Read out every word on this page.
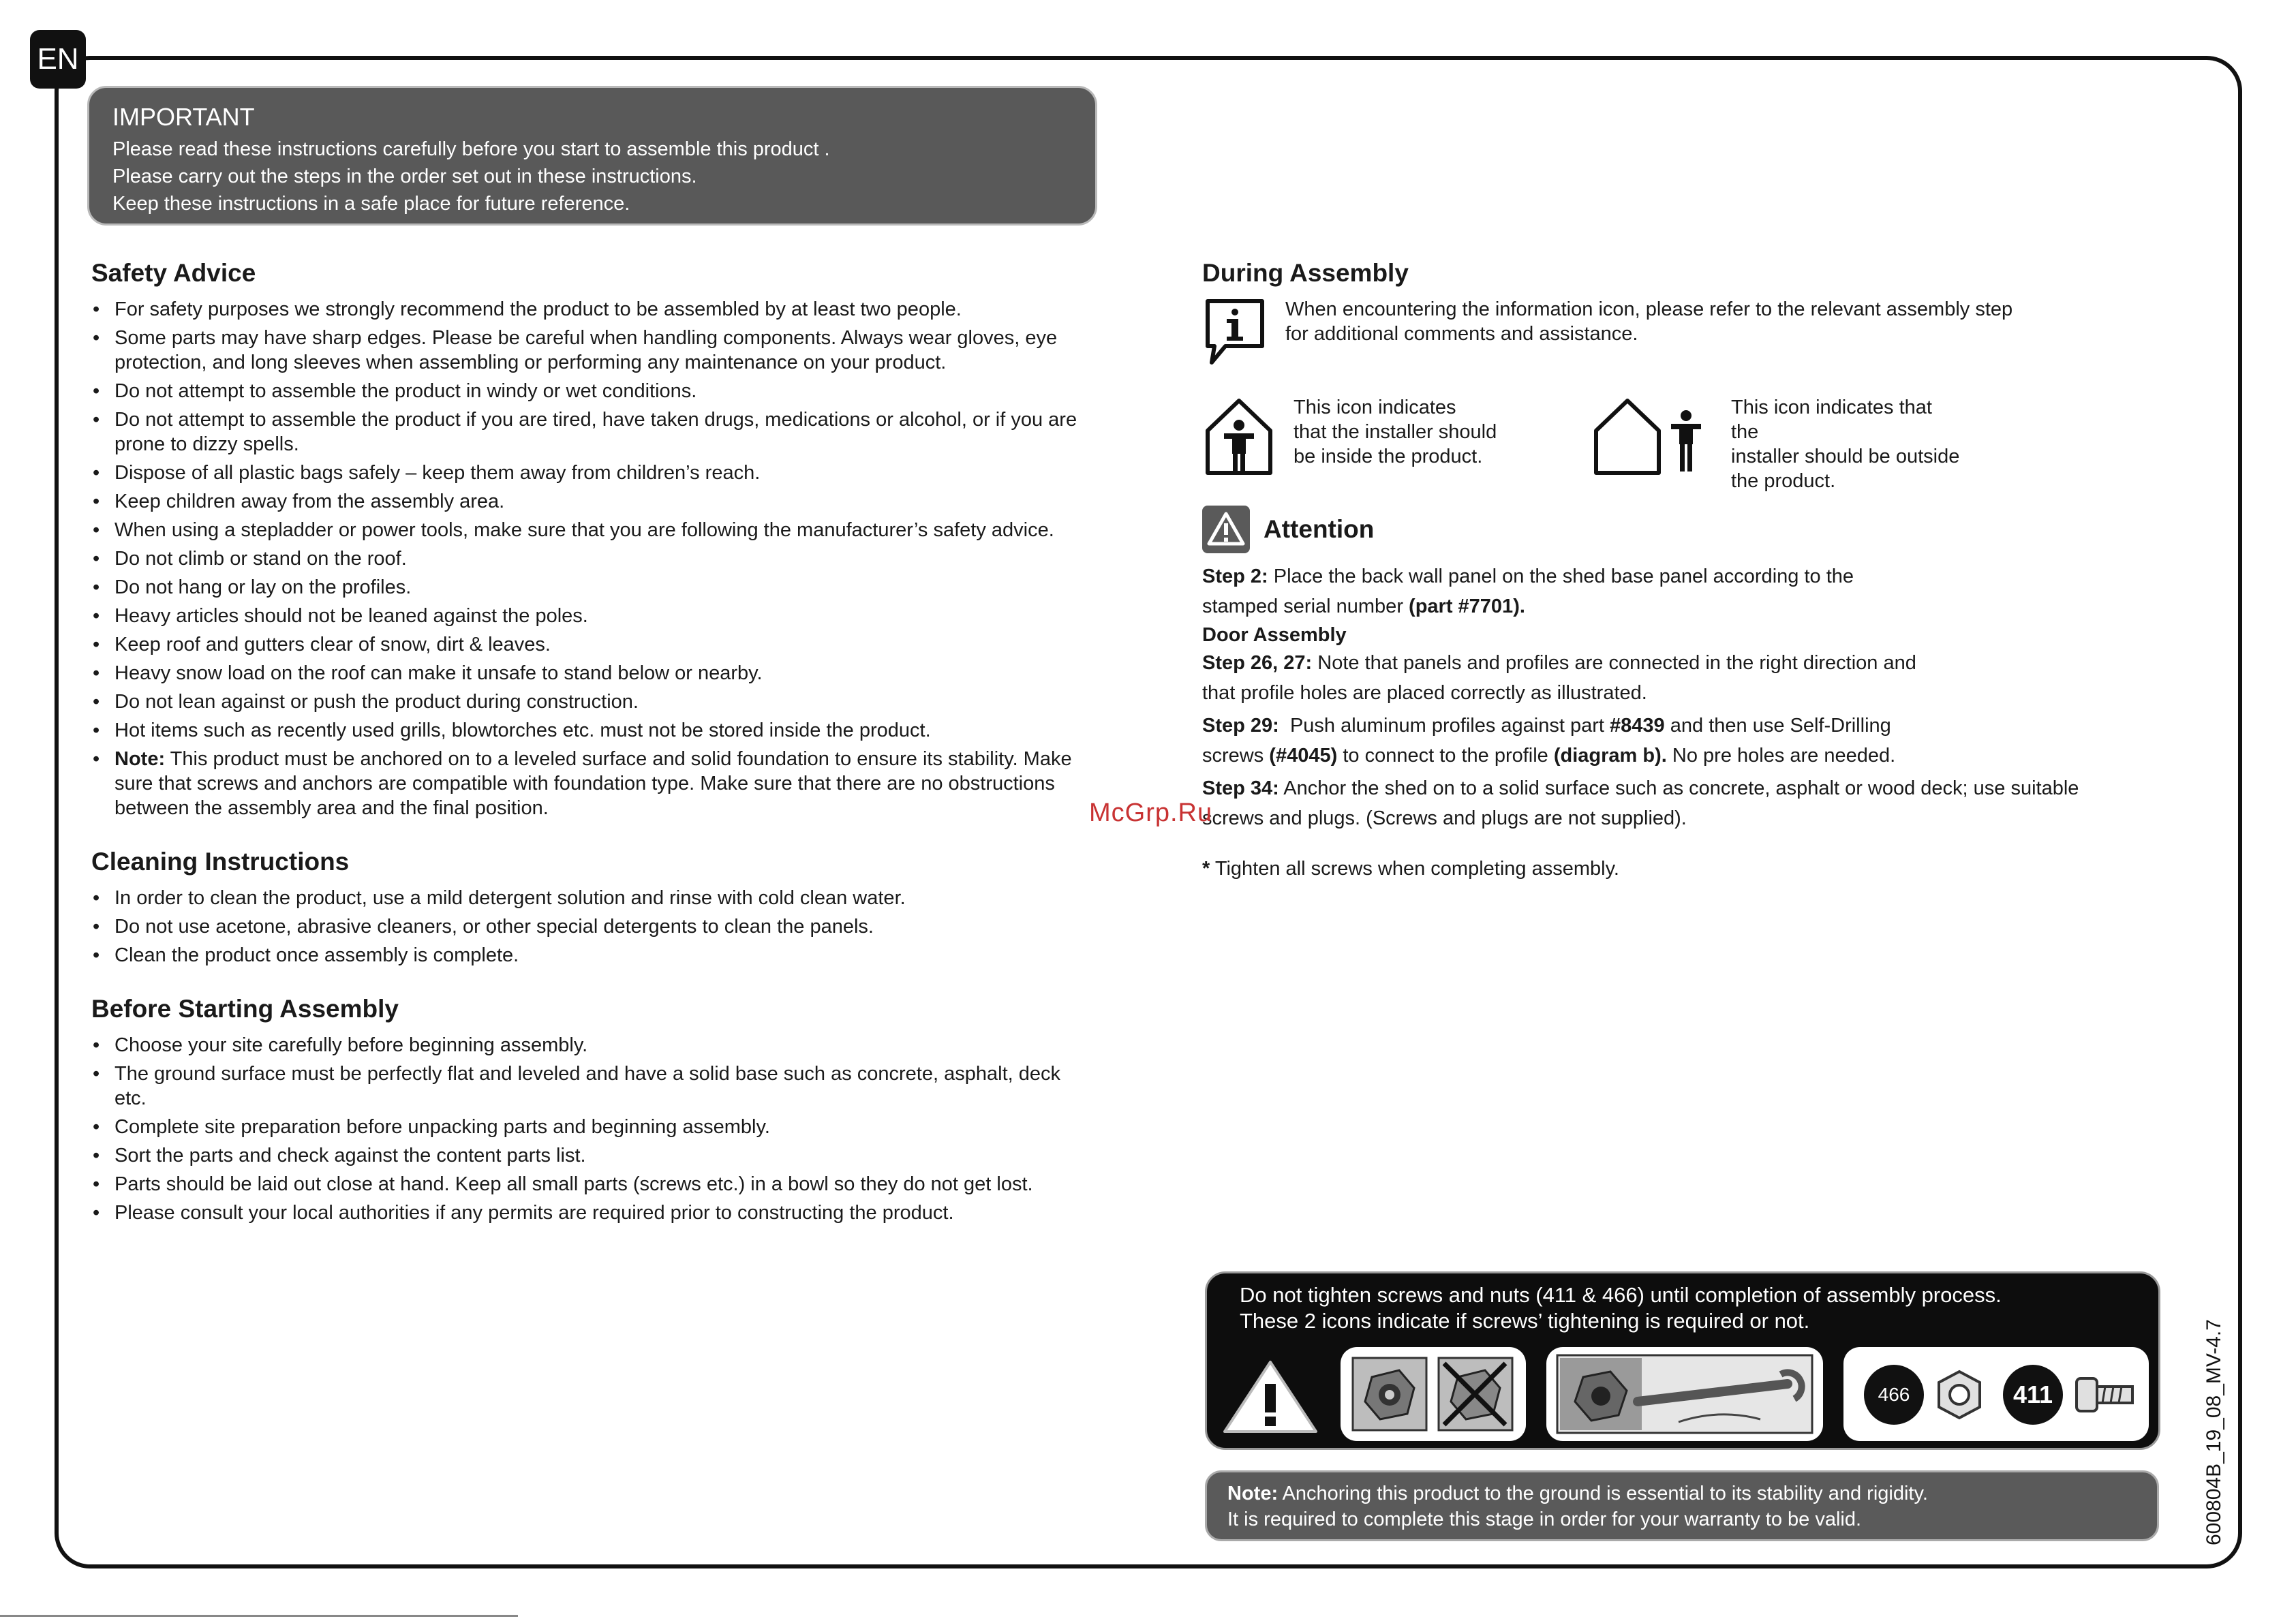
EN
IMPORTANT
Please read these instructions carefully before you start to assemble this product .
Please carry out the steps in the order set out in these instructions.
Keep these instructions in a safe place for future reference.
Safety Advice
• For safety purposes we strongly recommend the product to be assembled by at least two people.
• Some parts may have sharp edges. Please be careful when handling components. Always wear gloves, eye protection, and long sleeves when assembling or performing any maintenance on your product.
• Do not attempt to assemble the product in windy or wet conditions.
• Do not attempt to assemble the product if you are tired, have taken drugs, medications or alcohol, or if you are prone to dizzy spells.
• Dispose of all plastic bags safely – keep them away from children’s reach.
• Keep children away from the assembly area.
• When using a stepladder or power tools, make sure that you are following the manufacturer’s safety advice.
• Do not climb or stand on the roof.
• Do not hang or lay on the profiles.
• Heavy articles should not be leaned against the poles.
• Keep roof and gutters clear of snow, dirt & leaves.
• Heavy snow load on the roof can make it unsafe to stand below or nearby.
• Do not lean against or push the product during construction.
• Hot items such as recently used grills, blowtorches etc. must not be stored inside the product.
• Note: This product must be anchored on to a leveled surface and solid foundation to ensure its stability. Make sure that screws and anchors are compatible with foundation type. Make sure that there are no obstructions between the assembly area and the final position.
Cleaning Instructions
• In order to clean the product, use a mild detergent solution and rinse with cold clean water.
• Do not use acetone, abrasive cleaners, or other special detergents to clean the panels.
• Clean the product once assembly is complete.
Before Starting Assembly
• Choose your site carefully before beginning assembly.
• The ground surface must be perfectly flat and leveled and have a solid base such as concrete, asphalt, deck etc.
• Complete site preparation before unpacking parts and beginning assembly.
• Sort the parts and check against the content parts list.
• Parts should be laid out close at hand. Keep all small parts (screws etc.) in a bowl so they do not get lost.
• Please consult your local authorities if any permits are required prior to constructing the product.
During Assembly
When encountering the information icon, please refer to the relevant assembly step
for additional comments and assistance.
This icon indicates
that the installer should
be inside the product.
This icon indicates that the
installer should be outside
the product.
Attention

Step 2: Place the back wall panel on the shed base panel according to the
stamped serial number (part #7701).

Door Assembly

Step 26, 27: Note that panels and profiles are connected in the right direction and
that profile holes are placed correctly as illustrated.

Step 29: Push aluminum profiles against part #8439 and then use Self-Drilling
screws (#4045) to connect to the profile (diagram b). No pre holes are needed.

Step 34: Anchor the shed on to a solid surface such as concrete, asphalt or wood deck; use suitable
screws and plugs. (Screws and plugs are not supplied).

* Tighten all screws when completing assembly.
McGrp.Ru
Do not tighten screws and nuts (411 & 466) until completion of assembly process.
These 2 icons indicate if screws’ tightening is required or not.
466	411
Note: Anchoring this product to the ground is essential to its stability and rigidity.
It is required to complete this stage in order for your warranty to be valid.	600804B_19_08_MV-4.7
